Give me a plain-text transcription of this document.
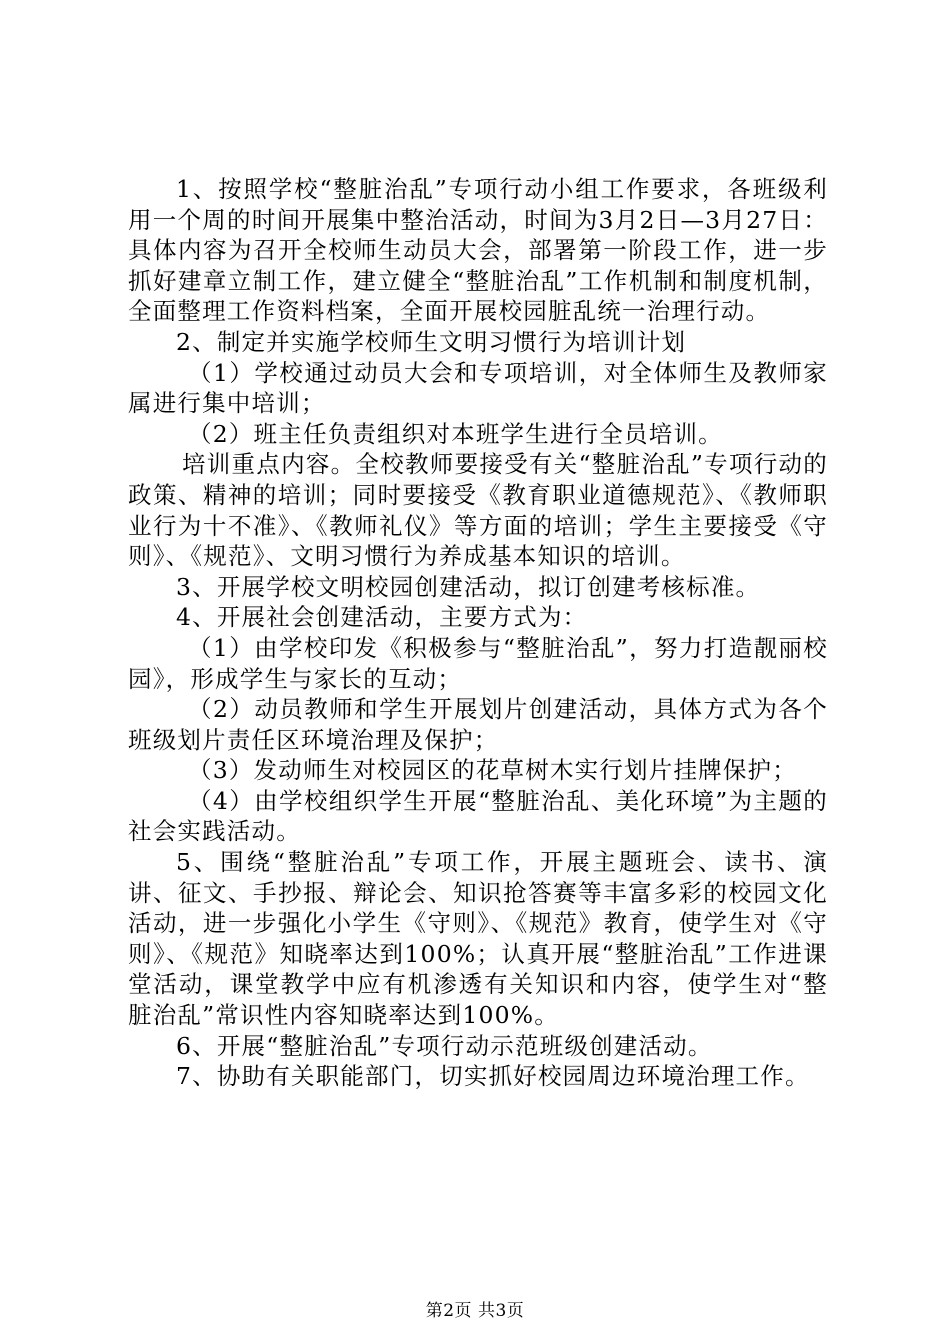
1、按照学校“整脏治乱”专项行动小组工作要求，各班级利用一个周的时间开展集中整治活动，时间为3月2日—3月27日：具体内容为召开全校师生动员大会，部署第一阶段工作，进一步抓好建章立制工作，建立健全“整脏治乱”工作机制和制度机制，全面整理工作资料档案，全面开展校园脏乱统一治理行动。

2、制定并实施学校师生文明习惯行为培训计划

（1）学校通过动员大会和专项培训，对全体师生及教师家属进行集中培训；

（2）班主任负责组织对本班学生进行全员培训。

培训重点内容。全校教师要接受有关“整脏治乱”专项行动的政策、精神的培训；同时要接受《教育职业道德规范》、《教师职业行为十不准》、《教师礼仪》等方面的培训；学生主要接受《守则》、《规范》、文明习惯行为养成基本知识的培训。

3、开展学校文明校园创建活动，拟订创建考核标准。

4、开展社会创建活动，主要方式为：

（1）由学校印发《积极参与“整脏治乱”，努力打造靓丽校园》，形成学生与家长的互动；

（2）动员教师和学生开展划片创建活动，具体方式为各个班级划片责任区环境治理及保护；

（3）发动师生对校园区的花草树木实行划片挂牌保护；

（4）由学校组织学生开展“整脏治乱、美化环境”为主题的社会实践活动。

5、围绕“整脏治乱”专项工作，开展主题班会、读书、演讲、征文、手抄报、辩论会、知识抢答赛等丰富多彩的校园文化活动，进一步强化小学生《守则》、《规范》教育，使学生对《守则》、《规范》知晓率达到100%；认真开展“整脏治乱”工作进课堂活动，课堂教学中应有机渗透有关知识和内容，使学生对“整脏治乱”常识性内容知晓率达到100%。

6、开展“整脏治乱”专项行动示范班级创建活动。

7、协助有关职能部门，切实抓好校园周边环境治理工作。

第2页 共3页
